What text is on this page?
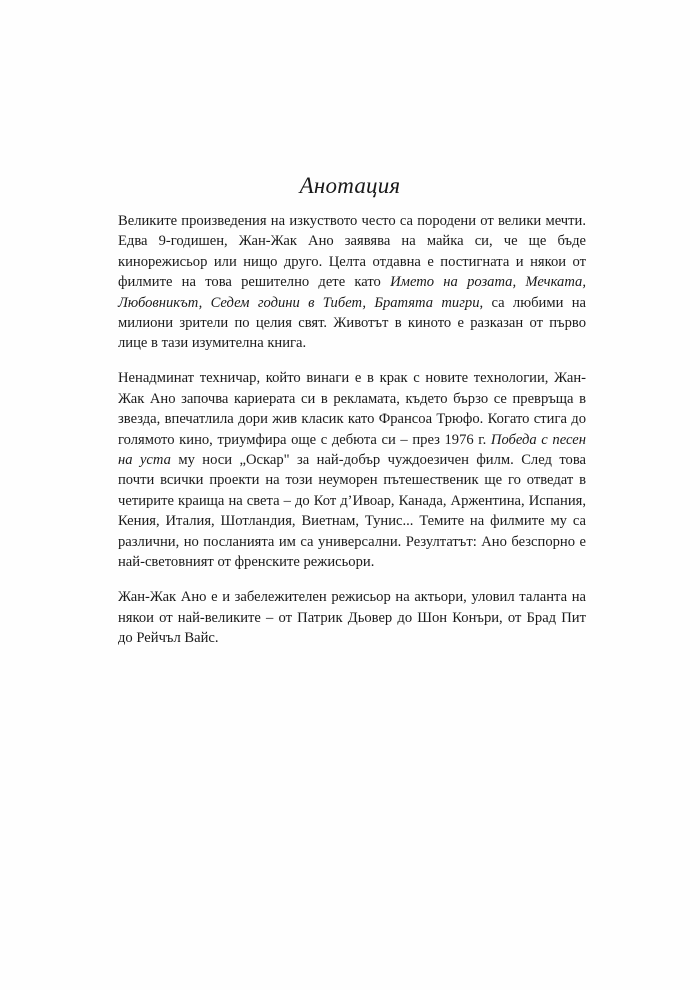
Анотация

Великите произведения на изкуството често са породени от велики мечти. Едва 9-годишен, Жан-Жак Ано заявява на майка си, че ще бъде кинорежисьор или нищо друго. Целта отдавна е постигната и някои от филмите на това решително дете като Името на розата, Мечката, Любовникът, Седем години в Тибет, Братята тигри, са любими на милиони зрители по целия свят. Животът в киното е разказан от първо лице в тази изумителна книга.

Ненадминат техничар, който винаги е в крак с новите технологии, Жан-Жак Ано започва кариерата си в рекламата, където бързо се превръща в звезда, впечатлила дори жив класик като Франсоа Трюфо. Когато стига до голямото кино, триумфира още с дебюта си – през 1976 г. Победа с песен на уста му носи „Оскар" за най-добър чуждоезичен филм. След това почти всички проекти на този неуморен пътешественик ще го отведат в четирите краища на света – до Кот д’Ивоар, Канада, Аржентина, Испания, Кения, Италия, Шотландия, Виетнам, Тунис... Темите на филмите му са различни, но посланията им са универсални. Резултатът: Ано безспорно е най-световният от френските режисьори.

Жан-Жак Ано е и забележителен режисьор на актьори, уловил таланта на някои от най-великите – от Патрик Дьовер до Шон Конъри, от Брад Пит до Рейчъл Вайс.
